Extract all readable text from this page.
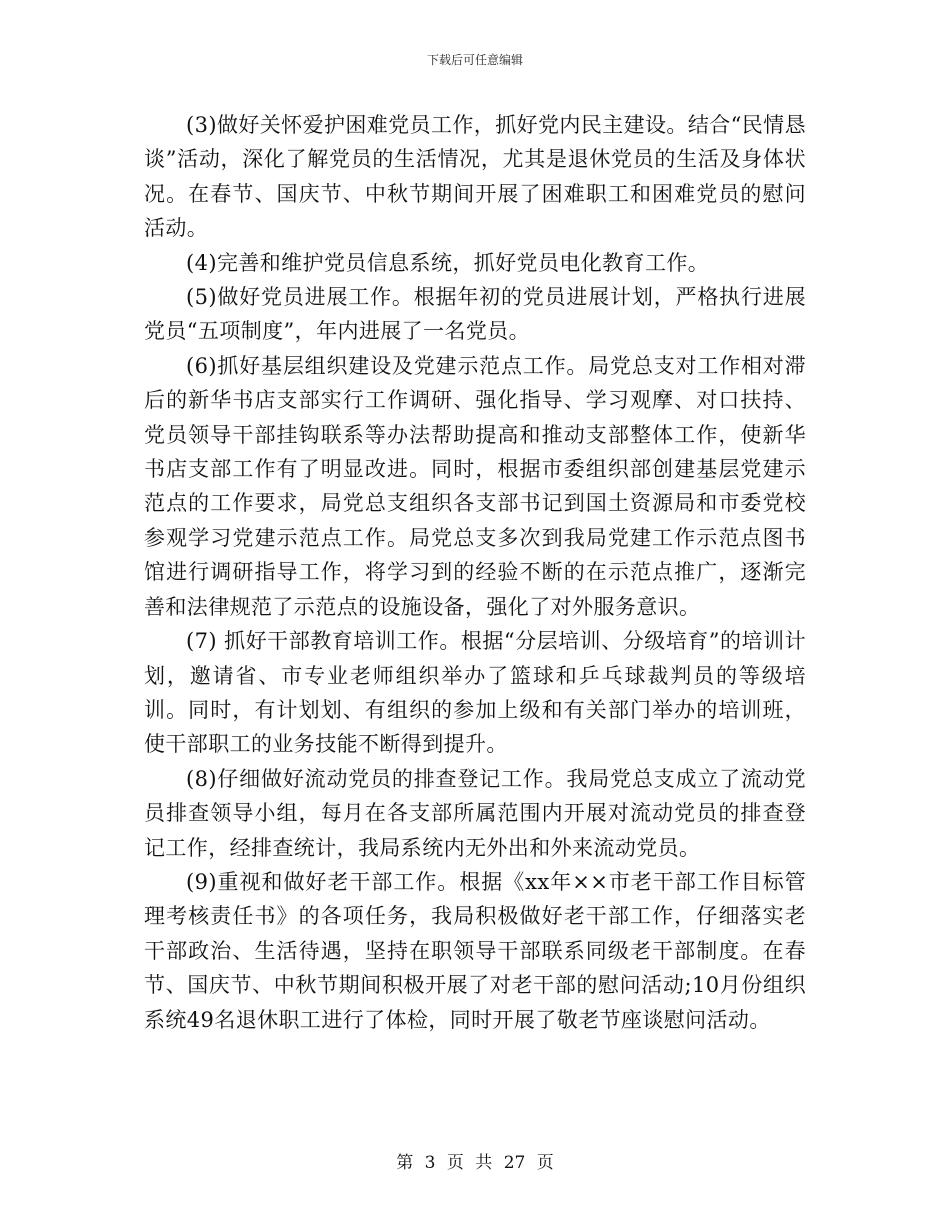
下载后可任意编辑

(3)做好关怀爱护困难党员工作，抓好党内民主建设。结合“民情恳谈”活动，深化了解党员的生活情况，尤其是退休党员的生活及身体状况。在春节、国庆节、中秋节期间开展了困难职工和困难党员的慰问活动。

(4)完善和维护党员信息系统，抓好党员电化教育工作。

(5)做好党员进展工作。根据年初的党员进展计划，严格执行进展党员“五项制度”，年内进展了一名党员。

(6)抓好基层组织建设及党建示范点工作。局党总支对工作相对滞后的新华书店支部实行工作调研、强化指导、学习观摩、对口扶持、党员领导干部挂钩联系等办法帮助提高和推动支部整体工作，使新华书店支部工作有了明显改进。同时，根据市委组织部创建基层党建示范点的工作要求，局党总支组织各支部书记到国土资源局和市委党校参观学习党建示范点工作。局党总支多次到我局党建工作示范点图书馆进行调研指导工作，将学习到的经验不断的在示范点推广，逐渐完善和法律规范了示范点的设施设备，强化了对外服务意识。

(7) 抓好干部教育培训工作。根据“分层培训、分级培育”的培训计划，邀请省、市专业老师组织举办了篮球和乒乓球裁判员的等级培训。同时，有计划划、有组织的参加上级和有关部门举办的培训班，使干部职工的业务技能不断得到提升。

(8)仔细做好流动党员的排查登记工作。我局党总支成立了流动党员排查领导小组，每月在各支部所属范围内开展对流动党员的排查登记工作，经排查统计，我局系统内无外出和外来流动党员。

(9)重视和做好老干部工作。根据《xx年××市老干部工作目标管理考核责任书》的各项任务，我局积极做好老干部工作，仔细落实老干部政治、生活待遇，坚持在职领导干部联系同级老干部制度。在春节、国庆节、中秋节期间积极开展了对老干部的慰问活动;10月份组织系统49名退休职工进行了体检，同时开展了敬老节座谈慰问活动。

第 3 页 共 27 页
